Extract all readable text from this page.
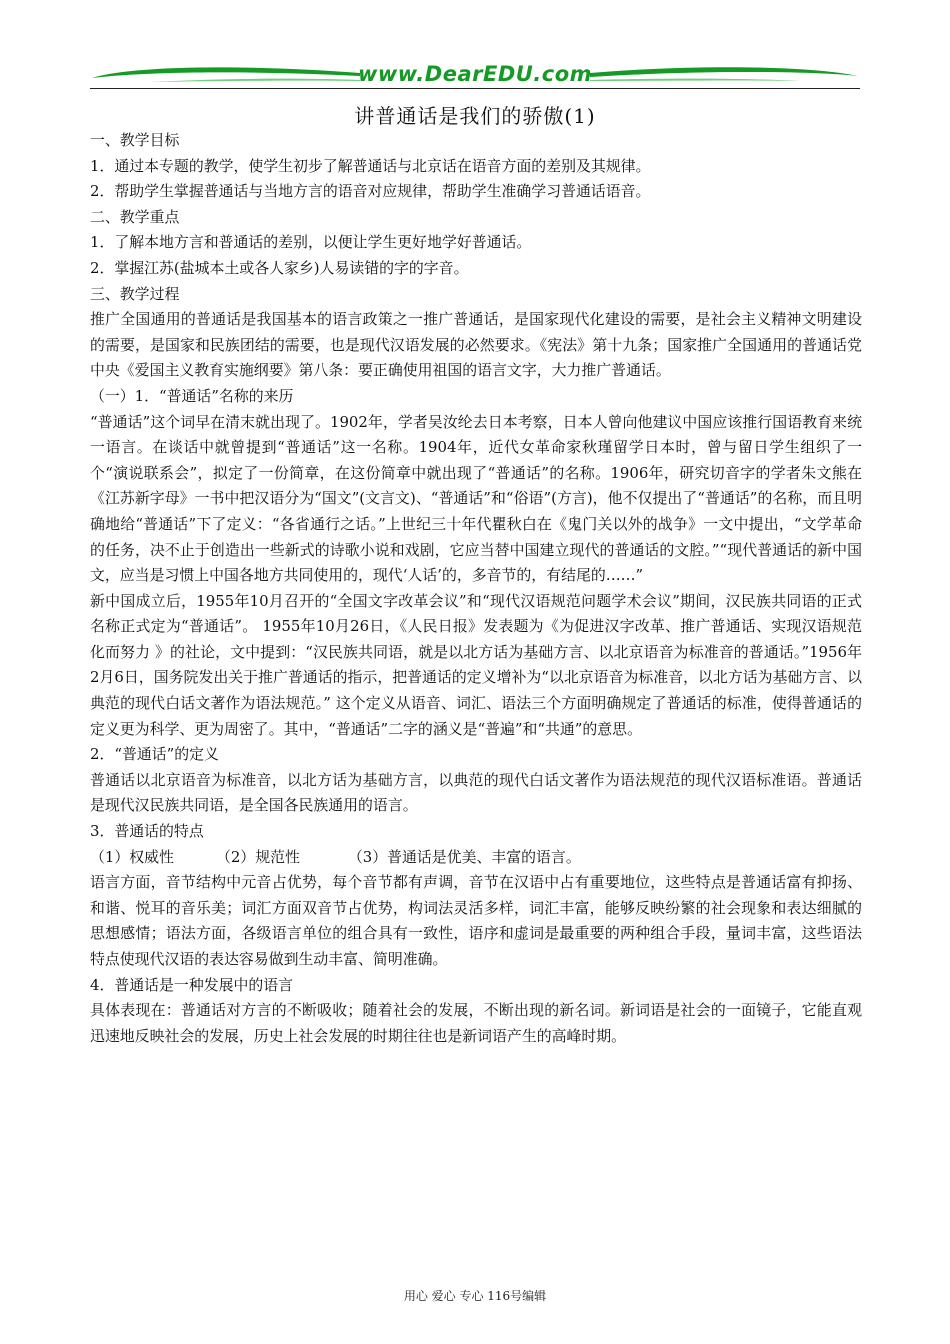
www.DearEDU.com
讲普通话是我们的骄傲(1)

一、教学目标

1．通过本专题的教学，使学生初步了解普通话与北京话在语音方面的差别及其规律。

2．帮助学生掌握普通话与当地方言的语音对应规律，帮助学生准确学习普通话语音。

二、教学重点

1．了解本地方言和普通话的差别，以便让学生更好地学好普通话。

2．掌握江苏(盐城本土或各人家乡)人易读错的字的字音。

三、教学过程

推广全国通用的普通话是我国基本的语言政策之一推广普通话，是国家现代化建设的需要，是社会主义精神文明建设的需要，是国家和民族团结的需要，也是现代汉语发展的必然要求。《宪法》第十九条；国家推广全国通用的普通话党中央《爱国主义教育实施纲要》第八条：要正确使用祖国的语言文字，大力推广普通话。

（一）1．“普通话”名称的来历

“普通话”这个词早在清末就出现了。1902年，学者吴汝纶去日本考察，日本人曾向他建议中国应该推行国语教育来统一语言。在谈话中就曾提到“普通话”这一名称。1904年，近代女革命家秋瑾留学日本时，曾与留日学生组织了一个“演说联系会”，拟定了一份简章，在这份简章中就出现了“普通话”的名称。1906年，研究切音字的学者朱文熊在《江苏新字母》一书中把汉语分为“国文”(文言文)、“普通话”和“俗语”(方言)，他不仅提出了“普通话”的名称，而且明确地给“普通话”下了定义：“各省通行之话。”上世纪三十年代瞿秋白在《鬼门关以外的战争》一文中提出，“文学革命的任务，决不止于创造出一些新式的诗歌小说和戏剧，它应当替中国建立现代的普通话的文腔。”“现代普通话的新中国文，应当是习惯上中国各地方共同使用的，现代‘人话’的，多音节的，有结尾的……”

新中国成立后，1955年10月召开的“全国文字改革会议”和“现代汉语规范问题学术会议”期间，汉民族共同语的正式名称正式定为“普通话”。 1955年10月26日，《人民日报》发表题为《为促进汉字改革、推广普通话、实现汉语规范化而努力 》的社论，文中提到：“汉民族共同语，就是以北方话为基础方言、以北京语音为标准音的普通话。”1956年2月6日，国务院发出关于推广普通话的指示，把普通话的定义增补为“以北京语音为标准音，以北方话为基础方言、以典范的现代白话文著作为语法规范。” 这个定义从语音、词汇、语法三个方面明确规定了普通话的标准，使得普通话的定义更为科学、更为周密了。其中，“普通话”二字的涵义是“普遍”和“共通”的意思。

2．“普通话”的定义

普通话以北京语音为标准音，以北方话为基础方言，以典范的现代白话文著作为语法规范的现代汉语标准语。普通话是现代汉民族共同语，是全国各民族通用的语言。

3．普通话的特点

（1）权威性	（2）规范性	（3）普通话是优美、丰富的语言。

语言方面，音节结构中元音占优势，每个音节都有声调，音节在汉语中占有重要地位，这些特点是普通话富有抑扬、和谐、悦耳的音乐美；词汇方面双音节占优势，构词法灵活多样，词汇丰富，能够反映纷繁的社会现象和表达细腻的思想感情；语法方面，各级语言单位的组合具有一致性，语序和虚词是最重要的两种组合手段，量词丰富，这些语法特点使现代汉语的表达容易做到生动丰富、简明准确。

4．普通话是一种发展中的语言

具体表现在：普通话对方言的不断吸收；随着社会的发展，不断出现的新名词。新词语是社会的一面镜子，它能直观迅速地反映社会的发展，历史上社会发展的时期往往也是新词语产生的高峰时期。

用心 爱心 专心 116号编辑
